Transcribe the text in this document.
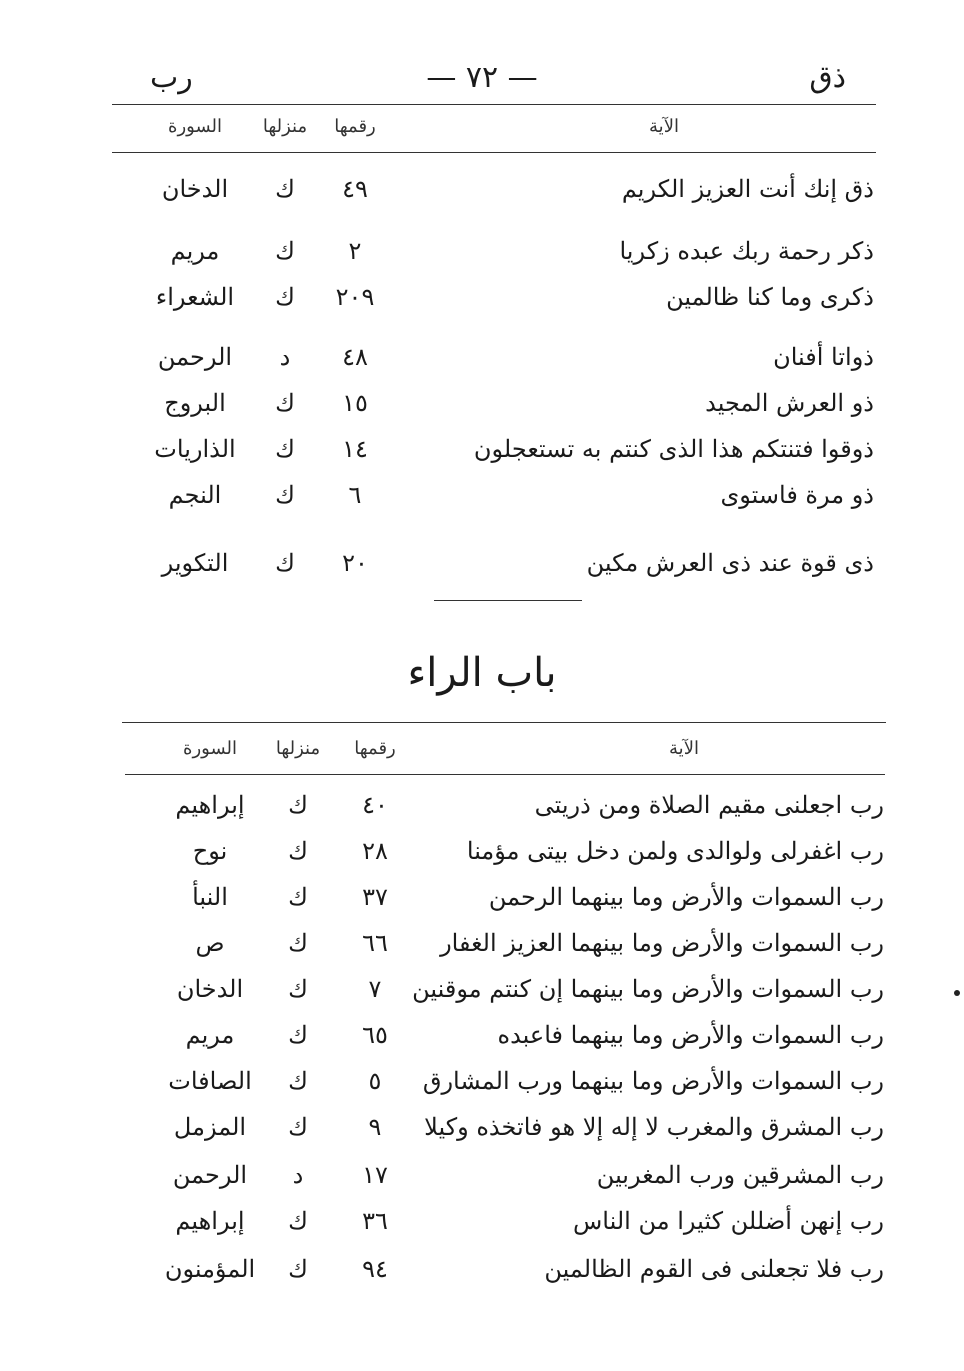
ذق
— ٧٢ —
رب
الآية
رقمها
منزلها
السورة
ذق إنك أنت العزيز الكريم
٤٩
ك
الدخان
ذكر رحمة ربك عبده زكريا
٢
ك
مريم
ذكرى وما كنا ظالمين
٢٠٩
ك
الشعراء
ذواتا أفنان
٤٨
د
الرحمن
ذو العرش المجيد
١٥
ك
البروج
ذوقوا فتنتكم هذا الذى كنتم به تستعجلون
١٤
ك
الذاريات
ذو مرة فاستوى
٦
ك
النجم
ذى قوة عند ذى العرش مكين
٢٠
ك
التكوير
باب الراء
الآية
رقمها
منزلها
السورة
رب اجعلنى مقيم الصلاة ومن ذريتى
٤٠
ك
إبراهيم
رب اغفرلى ولوالدى ولمن دخل بيتى مؤمنا
٢٨
ك
نوح
رب السموات والأرض وما بينهما الرحمن
٣٧
ك
النبأ
رب السموات والأرض وما بينهما العزيز الغفار
٦٦
ك
ص
رب السموات والأرض وما بينهما إن كنتم موقنين
٧
ك
الدخان
رب السموات والأرض وما بينهما فاعبده
٦٥
ك
مريم
رب السموات والأرض وما بينهما ورب المشارق
٥
ك
الصافات
رب المشرق والمغرب لا إله إلا هو فاتخذه وكيلا
٩
ك
المزمل
رب المشرقين ورب المغربين
١٧
د
الرحمن
رب إنهن أضللن كثيرا من الناس
٣٦
ك
إبراهيم
رب فلا تجعلنى فى القوم الظالمين
٩٤
ك
المؤمنون
